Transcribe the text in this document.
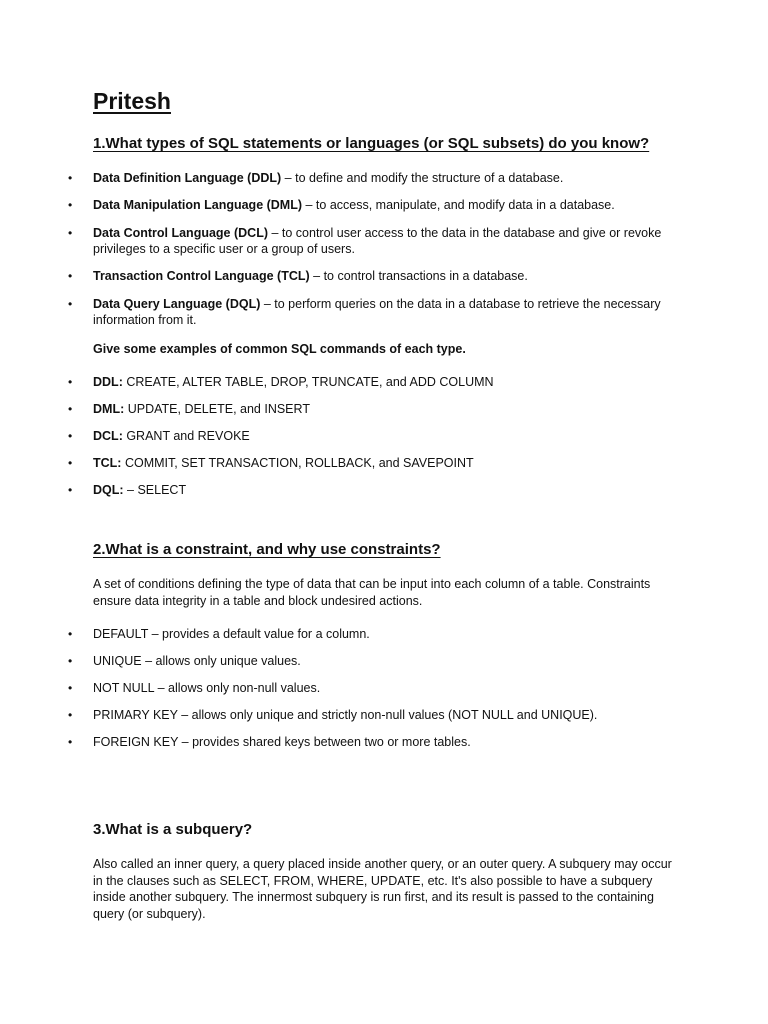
Pritesh
1.What types of SQL statements or languages (or SQL subsets) do you know?
• Data Definition Language (DDL) – to define and modify the structure of a database.
• Data Manipulation Language (DML) – to access, manipulate, and modify data in a database.
• Data Control Language (DCL) – to control user access to the data in the database and give or revoke privileges to a specific user or a group of users.
• Transaction Control Language (TCL) – to control transactions in a database.
• Data Query Language (DQL) – to perform queries on the data in a database to retrieve the necessary information from it.

Give some examples of common SQL commands of each type.

• DDL: CREATE, ALTER TABLE, DROP, TRUNCATE, and ADD COLUMN
• DML: UPDATE, DELETE, and INSERT
• DCL: GRANT and REVOKE
• TCL: COMMIT, SET TRANSACTION, ROLLBACK, and SAVEPOINT
• DQL: – SELECT
2.What is a constraint, and why use constraints?

A set of conditions defining the type of data that can be input into each column of a table. Constraints ensure data integrity in a table and block undesired actions.

• DEFAULT – provides a default value for a column.
• UNIQUE – allows only unique values.
• NOT NULL – allows only non-null values.
• PRIMARY KEY – allows only unique and strictly non-null values (NOT NULL and UNIQUE).
• FOREIGN KEY – provides shared keys between two or more tables.
3.What is a subquery?

Also called an inner query, a query placed inside another query, or an outer query. A subquery may occur in the clauses such as SELECT, FROM, WHERE, UPDATE, etc. It's also possible to have a subquery inside another subquery. The innermost subquery is run first, and its result is passed to the containing query (or subquery).
